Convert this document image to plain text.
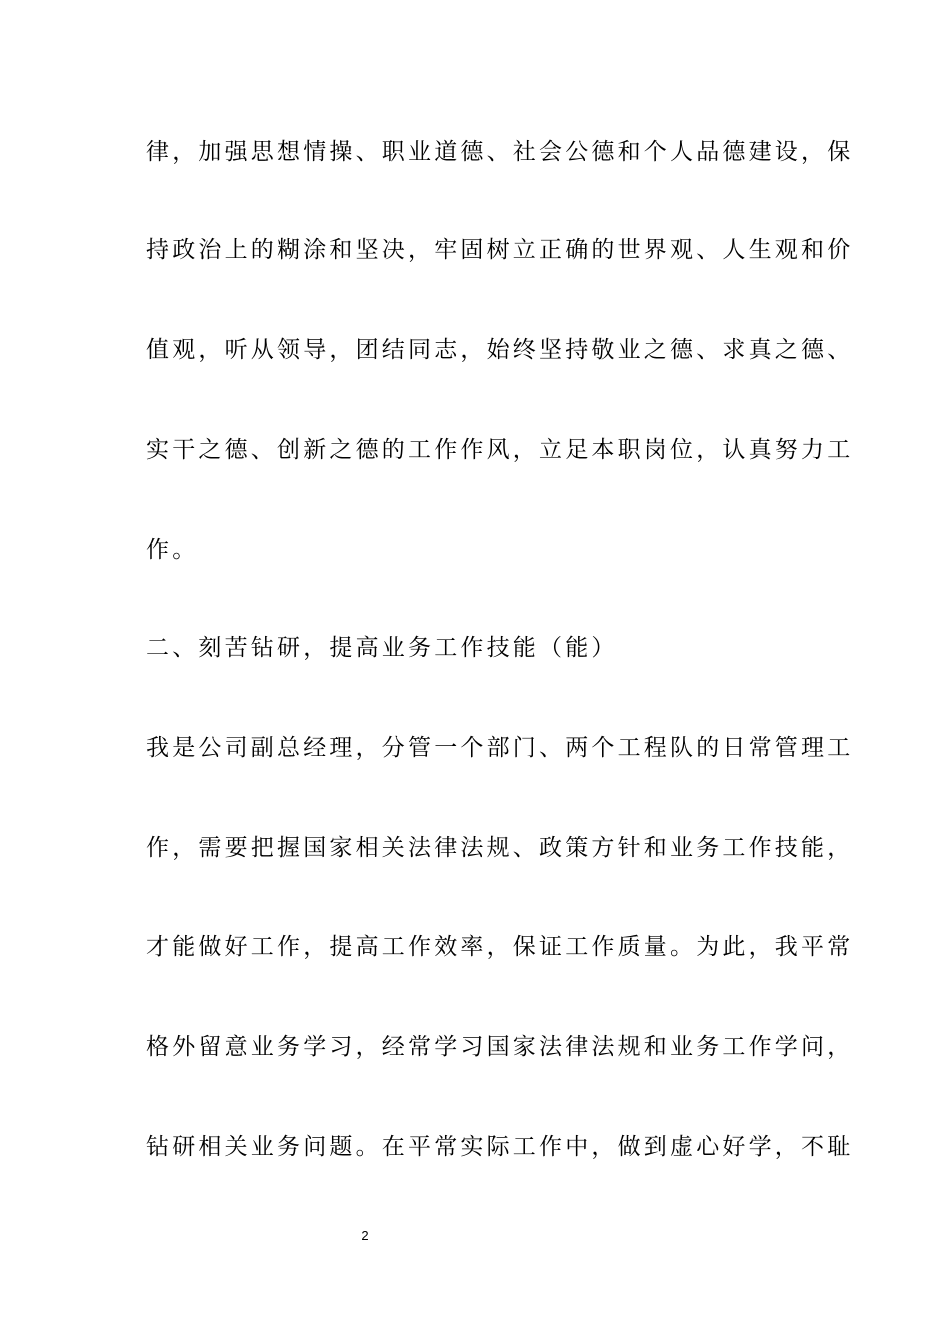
律，加强思想情操、职业道德、社会公德和个人品德建设，保
持政治上的糊涂和坚决，牢固树立正确的世界观、人生观和价
值观，听从领导，团结同志，始终坚持敬业之德、求真之德、
实干之德、创新之德的工作作风，立足本职岗位，认真努力工
作。
二、刻苦钻研，提高业务工作技能（能）
我是公司副总经理，分管一个部门、两个工程队的日常管理工
作，需要把握国家相关法律法规、政策方针和业务工作技能，
才能做好工作，提高工作效率，保证工作质量。为此，我平常
格外留意业务学习，经常学习国家法律法规和业务工作学问，
钻研相关业务问题。在平常实际工作中，做到虚心好学，不耻
2
